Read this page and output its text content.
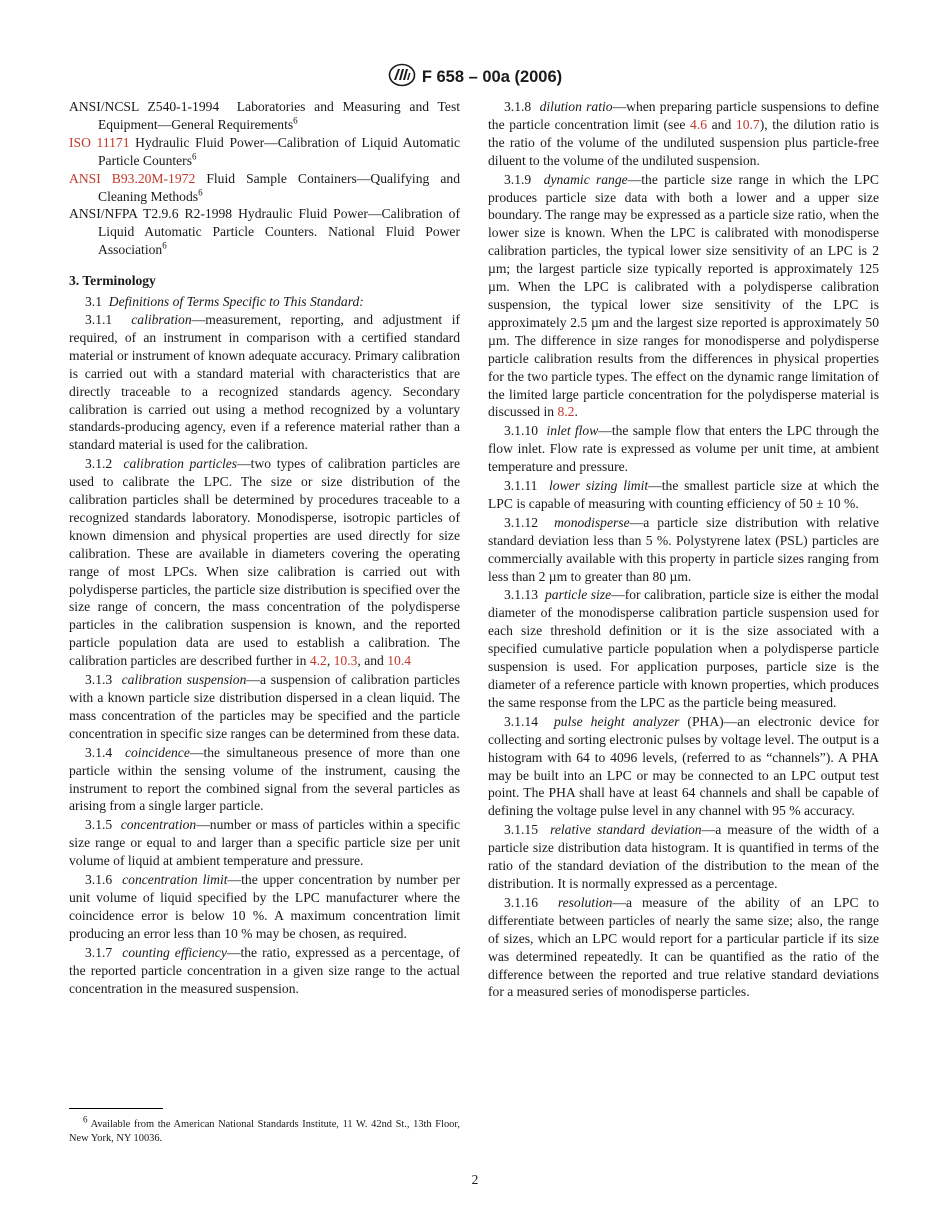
F 658 – 00a (2006)

ANSI/NCSL Z540-1-1994 Laboratories and Measuring and Test Equipment—General Requirements$^6$

ISO 11171 Hydraulic Fluid Power—Calibration of Liquid Automatic Particle Counters$^6$

ANSI B93.20M-1972 Fluid Sample Containers—Qualifying and Cleaning Methods$^6$

ANSI/NFPA T2.9.6 R2-1998 Hydraulic Fluid Power—Calibration of Liquid Automatic Particle Counters. National Fluid Power Association$^6$

3. Terminology

3.1 Definitions of Terms Specific to This Standard:

3.1.1 calibration—measurement, reporting, and adjustment if required, of an instrument in comparison with a certified standard material or instrument of known adequate accuracy. Primary calibration is carried out with a standard material with characteristics that are directly traceable to a recognized standards agency. Secondary calibration is carried out using a method recognized by a voluntary standards-producing agency, even if a reference material rather than a standard material is used for the calibration.

3.1.2 calibration particles—two types of calibration particles are used to calibrate the LPC. The size or size distribution of the calibration particles shall be determined by procedures traceable to a recognized standards laboratory. Monodisperse, isotropic particles of known dimension and physical properties are used directly for size calibration. These are available in diameters covering the operating range of most LPCs. When size calibration is carried out with polydisperse particles, the particle size distribution is specified over the size range of concern, the mass concentration of the polydisperse particles in the calibration suspension is known, and the reported particle population data are used to establish a calibration. The calibration particles are described further in 4.2, 10.3, and 10.4

3.1.3 calibration suspension—a suspension of calibration particles with a known particle size distribution dispersed in a clean liquid. The mass concentration of the particles may be specified and the particle concentration in specific size ranges can be determined from these data.

3.1.4 coincidence—the simultaneous presence of more than one particle within the sensing volume of the instrument, causing the instrument to report the combined signal from the several particles as arising from a single larger particle.

3.1.5 concentration—number or mass of particles within a specific size range or equal to and larger than a specific particle size per unit volume of liquid at ambient temperature and pressure.

3.1.6 concentration limit—the upper concentration by number per unit volume of liquid specified by the LPC manufacturer where the coincidence error is below 10 %. A maximum concentration limit producing an error less than 10 % may be chosen, as required.

3.1.7 counting efficiency—the ratio, expressed as a percentage, of the reported particle concentration in a given size range to the actual concentration in the measured suspension.

3.1.8 dilution ratio—when preparing particle suspensions to define the particle concentration limit (see 4.6 and 10.7), the dilution ratio is the ratio of the volume of the undiluted suspension plus particle-free diluent to the volume of the undiluted suspension.

3.1.9 dynamic range—the particle size range in which the LPC produces particle size data with both a lower and a upper size boundary. The range may be expressed as a particle size ratio, when the lower size is known. When the LPC is calibrated with monodisperse calibration particles, the typical lower size sensitivity of an LPC is 2 µm; the largest particle size typically reported is approximately 125 µm. When the LPC is calibrated with a polydisperse calibration suspension, the typical lower size sensitivity of the LPC is approximately 2.5 µm and the largest size reported is approximately 50 µm. The difference in size ranges for monodisperse and polydisperse particle calibration results from the differences in physical properties for the two particle types. The effect on the dynamic range limitation of the limited large particle concentration for the polydisperse material is discussed in 8.2.

3.1.10 inlet flow—the sample flow that enters the LPC through the flow inlet. Flow rate is expressed as volume per unit time, at ambient temperature and pressure.

3.1.11 lower sizing limit—the smallest particle size at which the LPC is capable of measuring with counting efficiency of 50 ± 10 %.

3.1.12 monodisperse—a particle size distribution with relative standard deviation less than 5 %. Polystyrene latex (PSL) particles are commercially available with this property in particle sizes ranging from less than 2 µm to greater than 80 µm.

3.1.13 particle size—for calibration, particle size is either the modal diameter of the monodisperse calibration particle suspension used for each size threshold definition or it is the size associated with a specified cumulative particle population when a polydisperse particle suspension is used. For application purposes, particle size is the diameter of a reference particle with known properties, which produces the same response from the LPC as the particle being measured.

3.1.14 pulse height analyzer (PHA)—an electronic device for collecting and sorting electronic pulses by voltage level. The output is a histogram with 64 to 4096 levels, (referred to as “channels”). A PHA may be built into an LPC or may be connected to an LPC output test point. The PHA shall have at least 64 channels and shall be capable of defining the voltage pulse level in any channel with 95 % accuracy.

3.1.15 relative standard deviation—a measure of the width of a particle size distribution data histogram. It is quantified in terms of the ratio of the standard deviation of the distribution to the mean of the distribution. It is normally expressed as a percentage.

3.1.16 resolution—a measure of the ability of an LPC to differentiate between particles of nearly the same size; also, the range of sizes, which an LPC would report for a particular particle if its size was determined repeatedly. It can be quantified as the ratio of the difference between the reported and true relative standard deviations for a measured series of monodisperse particles.

$^6$ Available from the American National Standards Institute, 11 W. 42nd St., 13th Floor, New York, NY 10036.
2
